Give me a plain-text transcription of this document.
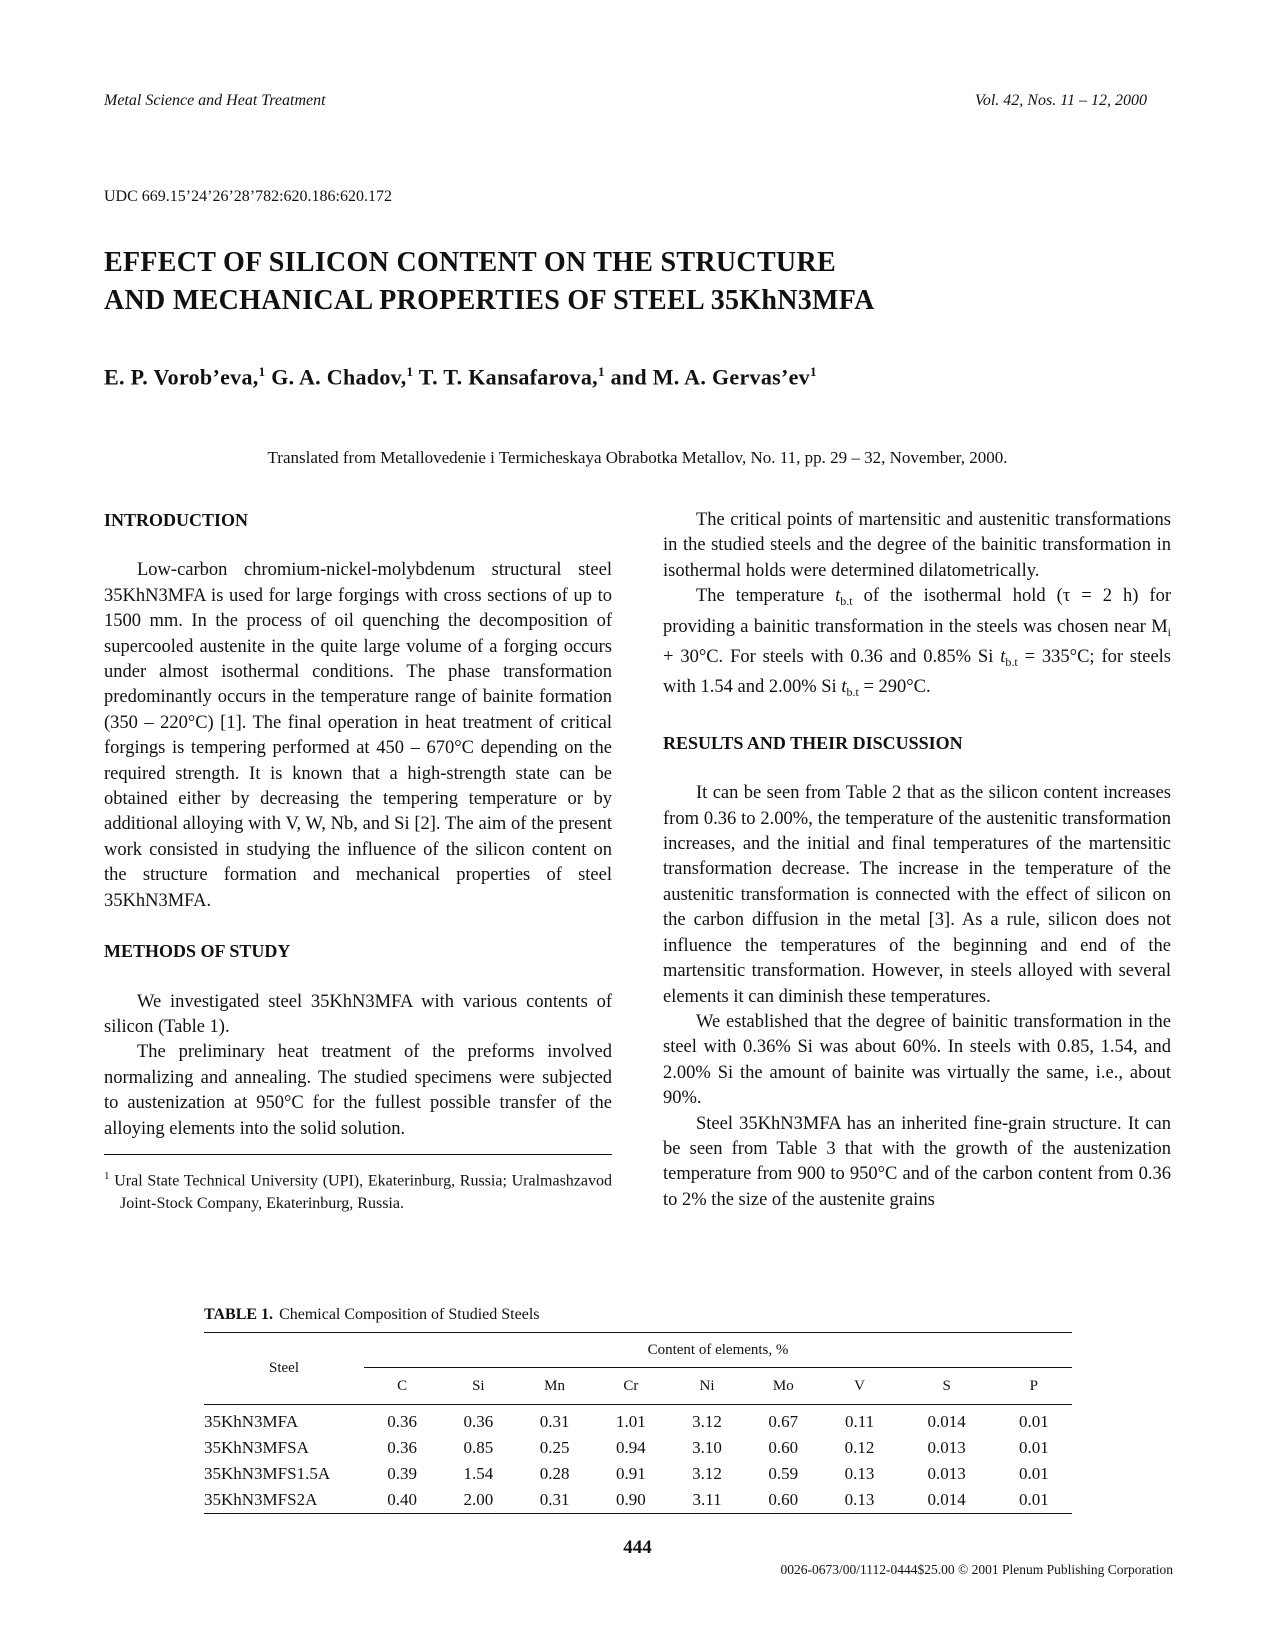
Metal Science and Heat Treatment	Vol. 42, Nos. 11 – 12, 2000
UDC 669.15’24’26’28’782:620.186:620.172
EFFECT OF SILICON CONTENT ON THE STRUCTURE
AND MECHANICAL PROPERTIES OF STEEL 35KhN3MFA
E. P. Vorob’eva,$^1$ G. A. Chadov,$^1$ T. T. Kansafarova,$^1$ and M. A. $Gervas’ev^1$
Translated from Metallovedenie i Termicheskaya Obrabotka Metallov, No. 11, pp. 29 – 32, November, 2000.
INTRODUCTION

Low-carbon chromium-nickel-molybdenum structural steel 35KhN3MFA is used for large forgings with cross sections of up to 1500 mm. In the process of oil quenching the decomposition of supercooled austenite in the quite large volume of a forging occurs under almost isothermal conditions. The phase transformation predominantly occurs in the temperature range of bainite formation (350 – 220°C) [1]. The final operation in heat treatment of critical forgings is tempering performed at 450 – 670°C depending on the required strength. It is known that a high-strength state can be obtained either by decreasing the tempering temperature or by additional alloying with V, W, Nb, and Si [2]. The aim of the present work consisted in studying the influence of the silicon content on the structure formation and mechanical properties of steel 35KhN3MFA.

METHODS OF STUDY

We investigated steel 35KhN3MFA with various contents of silicon (Table 1).

The preliminary heat treatment of the preforms involved normalizing and annealing. The studied specimens were subjected to austenization at 950°C for the fullest possible transfer of the alloying elements into the solid solution.

$^1$ Ural State Technical University (UPI), Ekaterinburg, Russia; Uralmashzavod Joint-Stock Company, Ekaterinburg, Russia.

The critical points of martensitic and austenitic transformations in the studied steels and the degree of the bainitic transformation in isothermal holds were determined dilatometrically.

The temperature $t_{b.t}$ of the isothermal hold (τ = 2 h) for providing a bainitic transformation in the steels was chosen near $M_i + 30^\circ C$. For steels with 0.36 and 0.85% Si $t_{b.t} = 335^\circ C$; for steels with 1.54 and 2.00% Si $t_{b.t} = 290^\circ C$.

RESULTS AND THEIR DISCUSSION

It can be seen from Table 2 that as the silicon content increases from 0.36 to 2.00%, the temperature of the austenitic transformation increases, and the initial and final temperatures of the martensitic transformation decrease. The increase in the temperature of the austenitic transformation is connected with the effect of silicon on the carbon diffusion in the metal [3]. As a rule, silicon does not influence the temperatures of the beginning and end of the martensitic transformation. However, in steels alloyed with several elements it can diminish these temperatures.

We established that the degree of bainitic transformation in the steel with 0.36% Si was about 60%. In steels with 0.85, 1.54, and 2.00% Si the amount of bainite was virtually the same, i.e., about 90%.

Steel 35KhN3MFA has an inherited fine-grain structure. It can be seen from Table 3 that with the growth of the austenization temperature from 900 to 950°C and of the carbon content from 0.36 to 2% the size of the austenite grains

TABLE 1. Chemical Composition of Studied Steels
Steel	Content of elements, %								
	C	Si	Mn	Cr	Ni	Mo	V	S	P
35KhN3MFA	0.36	0.36	0.31	1.01	3.12	0.67	0.11	0.014	0.01
35KhN3MFSA	0.36	0.85	0.25	0.94	3.10	0.60	0.12	0.013	0.01
35KhN3MFS1.5A	0.39	1.54	0.28	0.91	3.12	0.59	0.13	0.013	0.01
35KhN3MFS2A	0.40	2.00	0.31	0.90	3.11	0.60	0.13	0.014	0.01
444
0026-0673/00/1112-0444$25.00 © 2001 Plenum Publishing Corporation
